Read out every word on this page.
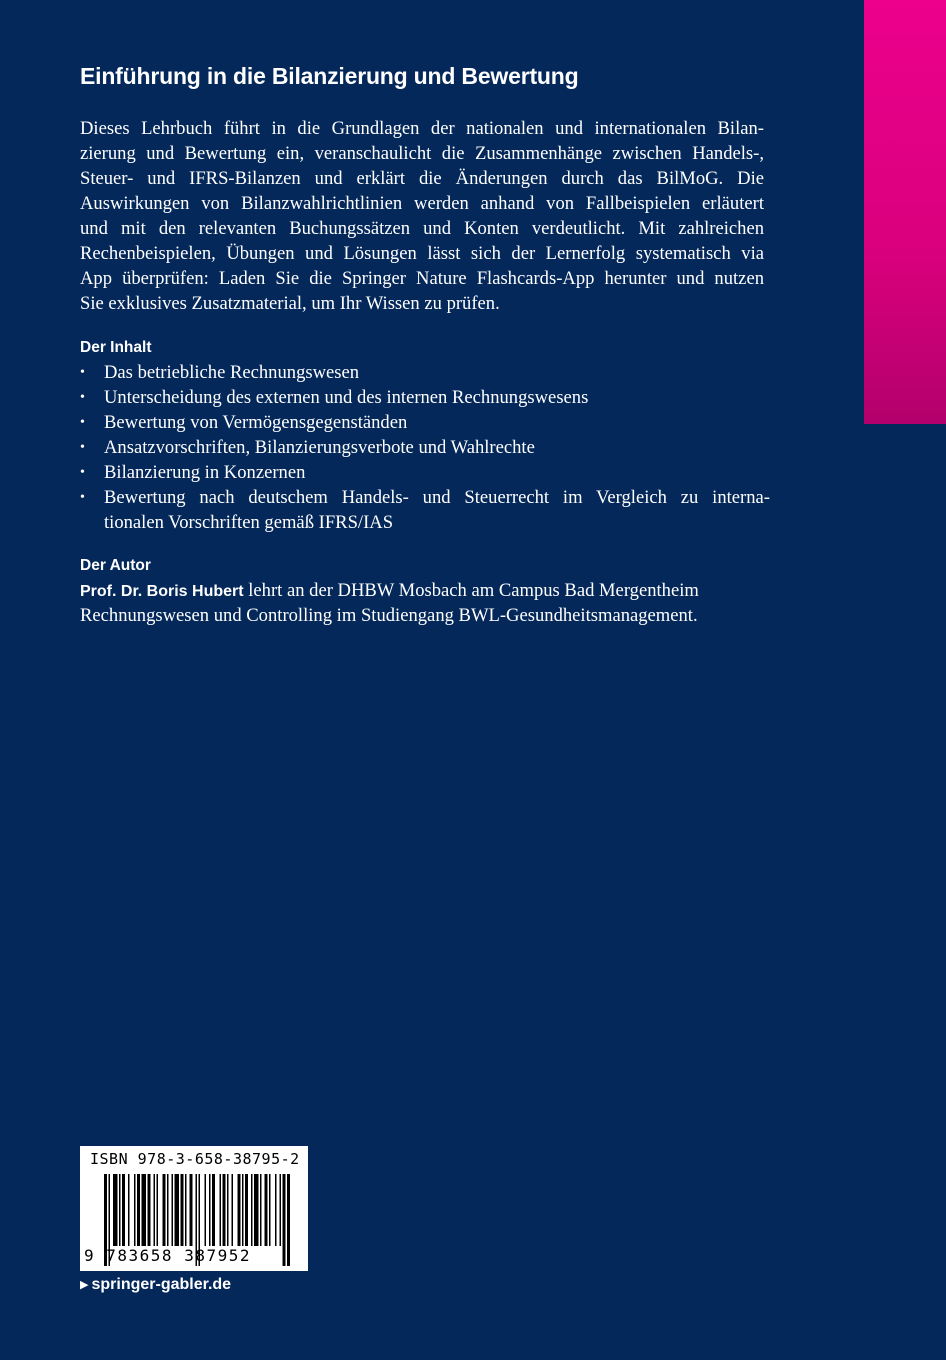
Einführung in die Bilanzierung und Bewertung
Dieses Lehrbuch führt in die Grundlagen der nationalen und internationalen Bilan-
zierung und Bewertung ein, veranschaulicht die Zusammenhänge zwischen Handels-,
Steuer- und IFRS-Bilanzen und erklärt die Änderungen durch das BilMoG. Die
Auswirkungen von Bilanzwahlrichtlinien werden anhand von Fallbeispielen erläutert
und mit den relevanten Buchungssätzen und Konten verdeutlicht. Mit zahlreichen
Rechenbeispielen, Übungen und Lösungen lässt sich der Lernerfolg systematisch via
App überprüfen: Laden Sie die Springer Nature Flashcards-App herunter und nutzen
Sie exklusives Zusatzmaterial, um Ihr Wissen zu prüfen.
Der Inhalt
• Das betriebliche Rechnungswesen
• Unterscheidung des externen und des internen Rechnungswesens
• Bewertung von Vermögensgegenständen
• Ansatzvorschriften, Bilanzierungsverbote und Wahlrechte
• Bilanzierung in Konzernen
• Bewertung nach deutschem Handels- und Steuerrecht im Vergleich zu interna-
tionalen Vorschriften gemäß IFRS/IAS
Der Autor
Prof. Dr. Boris Hubert lehrt an der DHBW Mosbach am Campus Bad Mergentheim
Rechnungswesen und Controlling im Studiengang BWL-Gesundheitsmanagement.
ISBN 978-3-658-38795-2
9 783658 387952
▶ springer-gabler.de
